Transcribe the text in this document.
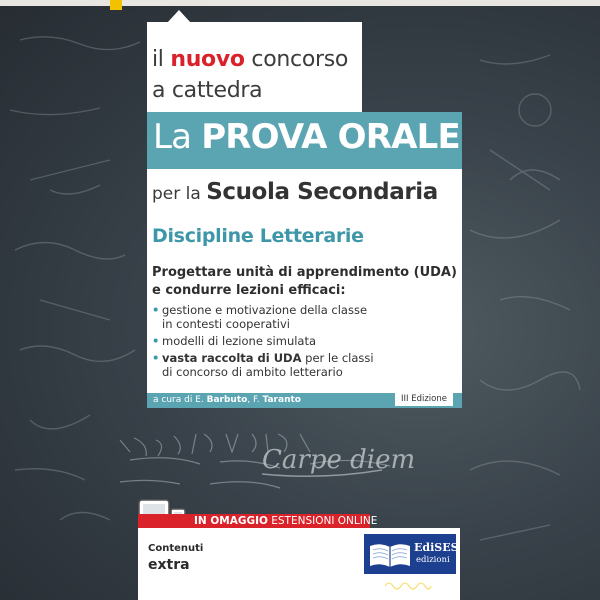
Carpe diem
il nuovo concorso
a cattedra
La PROVA ORALE
per la Scuola Secondaria
Discipline Letterarie
Progettare unità di apprendimento (UDA)
e condurre lezioni efficaci:
• gestione e motivazione della classe
in contesti cooperativi
• modelli di lezione simulata
• vasta raccolta di UDA per le classi
di concorso di ambito letterario
a cura di E. Barbuto, F. Taranto	III Edizione
IN OMAGGIO ESTENSIONI ONLINE
Contenuti
extra
EdiSES
edizioni
